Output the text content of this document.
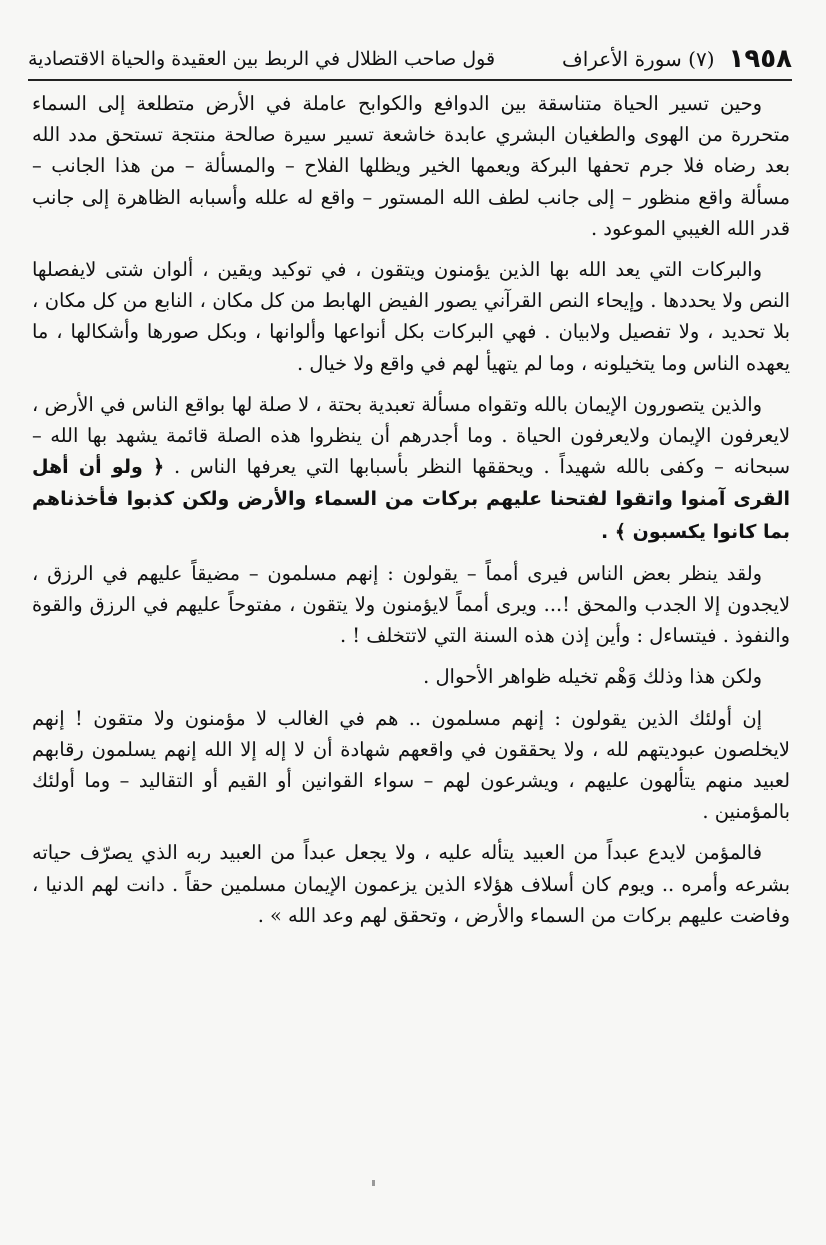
١٩٥٨
(٧) سورة الأعراف
قول صاحب الظلال في الربط بين العقيدة والحياة الاقتصادية

وحين تسير الحياة متناسقة بين الدوافع والكوابح عاملة في الأرض متطلعة إلى السماء متحررة من الهوى والطغيان البشري عابدة خاشعة تسير سيرة صالحة منتجة تستحق مدد الله بعد رضاه فلا جرم تحفها البركة ويعمها الخير ويظلها الفلاح – والمسألة – من هذا الجانب – مسألة واقع منظور – إلى جانب لطف الله المستور – واقع له علله وأسبابه الظاهرة إلى جانب قدر الله الغيبي الموعود .

والبركات التي يعد الله بها الذين يؤمنون ويتقون ، في توكيد ويقين ، ألوان شتى لايفصلها النص ولا يحددها . وإيحاء النص القرآني يصور الفيض الهابط من كل مكان ، النابع من كل مكان ، بلا تحديد ، ولا تفصيل ولابيان . فهي البركات بكل أنواعها وألوانها ، وبكل صورها وأشكالها ، ما يعهده الناس وما يتخيلونه ، وما لم يتهيأ لهم في واقع ولا خيال .

والذين يتصورون الإيمان بالله وتقواه مسألة تعبدية بحتة ، لا صلة لها بواقع الناس في الأرض ، لايعرفون الإيمان ولايعرفون الحياة . وما أجدرهم أن ينظروا هذه الصلة قائمة يشهد بها الله – سبحانه – وكفى بالله شهيداً . ويحققها النظر بأسبابها التي يعرفها الناس . ﴿ ولو أن أهل القرى آمنوا واتقوا لفتحنا عليهم بركات من السماء والأرض ولكن كذبوا فأخذناهم بما كانوا يكسبون ﴾ .

ولقد ينظر بعض الناس فيرى أمماً – يقولون : إنهم مسلمون – مضيقاً عليهم في الرزق ، لايجدون إلا الجدب والمحق !... ويرى أمماً لايؤمنون ولا يتقون ، مفتوحاً عليهم في الرزق والقوة والنفوذ . فيتساءل : وأين إذن هذه السنة التي لاتتخلف ! .

ولكن هذا وذلك وَهْم تخيله ظواهر الأحوال .

إن أولئك الذين يقولون : إنهم مسلمون .. هم في الغالب لا مؤمنون ولا متقون ! إنهم لايخلصون عبوديتهم لله ، ولا يحققون في واقعهم شهادة أن لا إله إلا الله إنهم يسلمون رقابهم لعبيد منهم يتألهون عليهم ، ويشرعون لهم – سواء القوانين أو القيم أو التقاليد – وما أولئك بالمؤمنين .

فالمؤمن لايدع عبداً من العبيد يتأله عليه ، ولا يجعل عبداً من العبيد ربه الذي يصرّف حياته بشرعه وأمره .. ويوم كان أسلاف هؤلاء الذين يزعمون الإيمان مسلمين حقاً . دانت لهم الدنيا ، وفاضت عليهم بركات من السماء والأرض ، وتحقق لهم وعد الله » .
